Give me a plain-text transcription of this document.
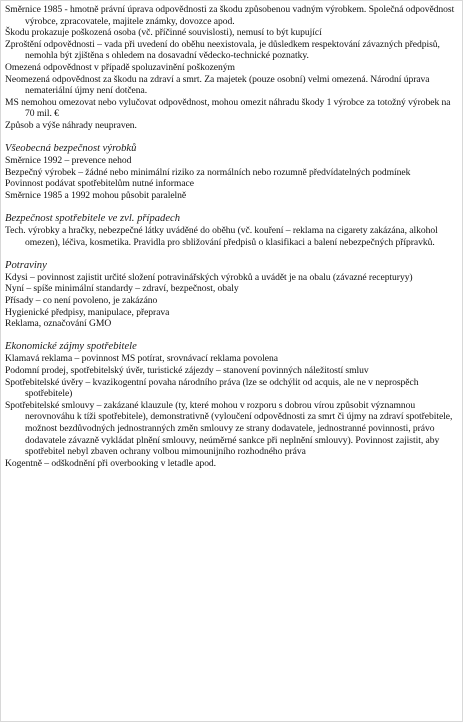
Směrnice 1985 - hmotně právní úprava odpovědnosti za škodu způsobenou vadným výrobkem. Společná odpovědnost výrobce, zpracovatele, majitele známky, dovozce apod.

Škodu prokazuje poškozená osoba (vč. příčinné souvislosti), nemusí to být kupující

Zproštění odpovědnosti – vada při uvedení do oběhu neexistovala, je důsledkem respektování závazných předpisů, nemohla být zjištěna s ohledem na dosavadní vědecko-technické poznatky.

Omezená odpovědnost v případě spoluzavinění poškozeným

Neomezená odpovědnost za škodu na zdraví a smrt. Za majetek (pouze osobní) velmi omezená. Národní úprava nemateriální újmy není dotčena.

MS nemohou omezovat nebo vylučovat odpovědnost, mohou omezit náhradu škody 1 výrobce za totožný výrobek na 70 mil. €

Způsob a výše náhrady neupraven.

Všeobecná bezpečnost výrobků

Směrnice 1992 – prevence nehod

Bezpečný výrobek – žádné nebo minimální riziko za normálních nebo rozumně předvídatelných podmínek

Povinnost podávat spotřebitelům nutné informace

Směrnice 1985 a 1992 mohou působit paralelně

Bezpečnost spotřebitele ve zvl. případech

Tech. výrobky a hračky, nebezpečné látky uváděné do oběhu (vč. kouření – reklama na cigarety zakázána, alkohol omezen), léčiva, kosmetika. Pravidla pro sbližování předpisů o klasifikaci a balení nebezpečných přípravků.

Potraviny

Kdysi – povinnost zajistit určité složení potravinářských výrobků a uvádět je na obalu (závazné recepturyy)

Nyní – spíše minimální standardy – zdraví, bezpečnost, obaly

Přísady – co není povoleno, je zakázáno

Hygienické předpisy, manipulace, přeprava

Reklama, označování GMO

Ekonomické zájmy spotřebitele

Klamavá reklama – povinnost MS potírat, srovnávací reklama povolena

Podomní prodej, spotřebitelský úvěr, turistické zájezdy – stanovení povinných náležitostí smluv

Spotřebitelské úvěry – kvazikogentní povaha národního práva (lze se odchýlit od acquis, ale ne v neprospěch spotřebitele)

Spotřebitelské smlouvy – zakázané klauzule (ty, které mohou v rozporu s dobrou vírou způsobit významnou nerovnováhu k tíži spotřebitele), demonstrativně (vyloučení odpovědnosti za smrt či újmy na zdraví spotřebitele, možnost bezdůvodných jednostranných změn smlouvy ze strany dodavatele, jednostranné povinnosti, právo dodavatele závazně vykládat plnění smlouvy, neúměrné sankce při neplnění smlouvy). Povinnost zajistit, aby spotřebitel nebyl zbaven ochrany volbou mimounijního rozhodného práva

Kogentně – odškodnění při overbooking v letadle apod.
